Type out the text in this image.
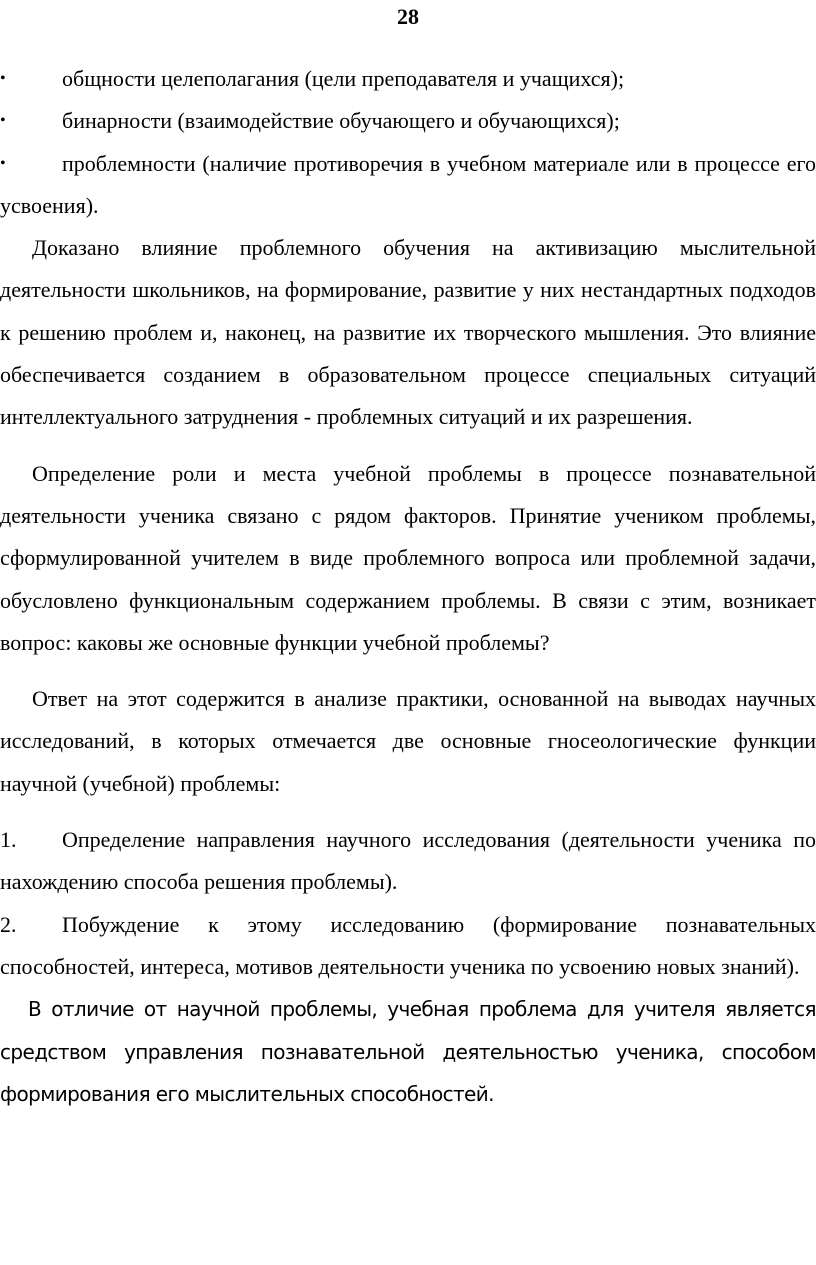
28

•	общности целеполагания (цели преподавателя и учащихся);

•	бинарности (взаимодействие обучающего и обучающихся);

•	проблемности (наличие противоречия в учебном материале или в процессе его усвоения).

Доказано влияние проблемного обучения на активизацию мыслительной деятельности школьников, на формирование, развитие у них нестандартных подходов к решению проблем и, наконец, на развитие их творческого мышления. Это влияние обеспечивается созданием в образовательном процессе специальных ситуаций интеллектуального затруднения - проблемных ситуаций и их разрешения.

Определение роли и места учебной проблемы в процессе познавательной деятельности ученика связано с рядом факторов. Принятие учеником проблемы, сформулированной учителем в виде проблемного вопроса или проблемной задачи, обусловлено функциональным содержанием проблемы. В связи с этим, возникает вопрос: каковы же основные функции учебной проблемы?

Ответ на этот содержится в анализе практики, основанной на выводах научных исследований, в которых отмечается две основные гносеологические функции научной (учебной) проблемы:

1.	Определение направления научного исследования (деятельности ученика по нахождению способа решения проблемы).

2.	Побуждение к этому исследованию (формирование познавательных способностей, интереса, мотивов деятельности ученика по усвоению новых знаний).

В отличие от научной проблемы, учебная проблема для учителя является средством управления познавательной деятельностью ученика, способом формирования его мыслительных способностей.
